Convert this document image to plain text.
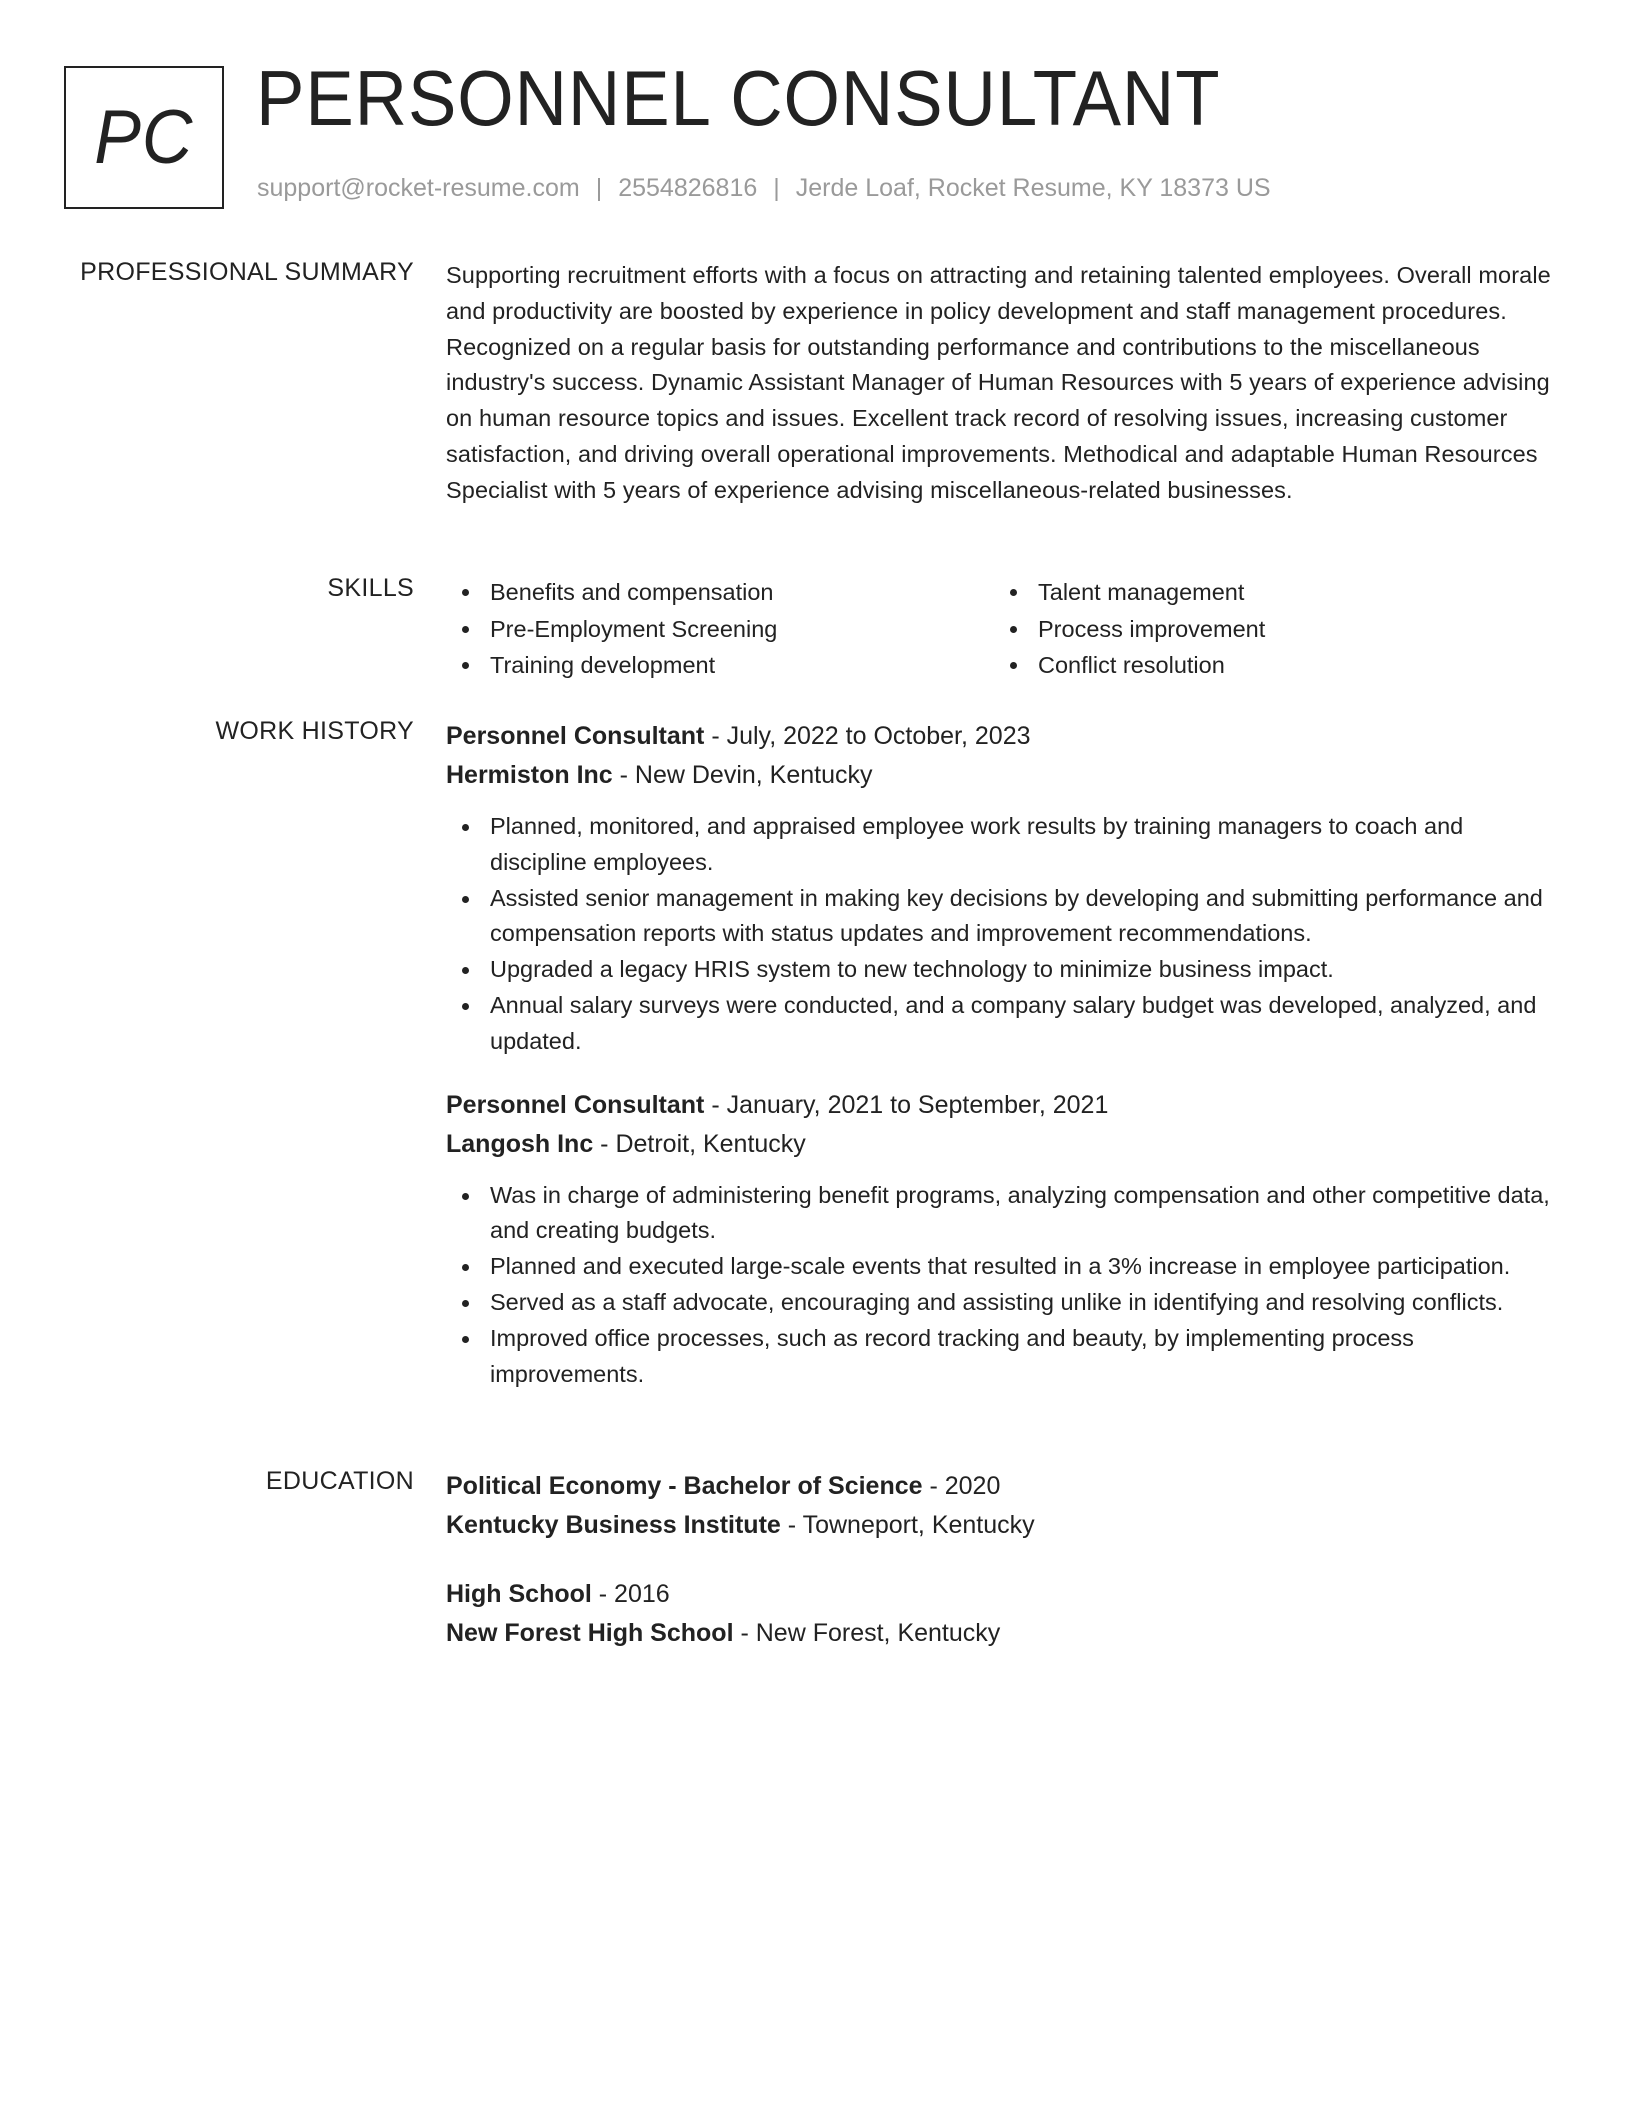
PC PERSONNEL CONSULTANT
support@rocket-resume.com | 2554826816 | Jerde Loaf, Rocket Resume, KY 18373 US
PROFESSIONAL SUMMARY Supporting recruitment efforts with a focus on attracting and retaining talented employees. Overall morale and productivity are boosted by experience in policy development and staff management procedures. Recognized on a regular basis for outstanding performance and contributions to the miscellaneous industry's success. Dynamic Assistant Manager of Human Resources with 5 years of experience advising on human resource topics and issues. Excellent track record of resolving issues, increasing customer satisfaction, and driving overall operational improvements. Methodical and adaptable Human Resources Specialist with 5 years of experience advising miscellaneous-related businesses.
SKILLS	Benefits and compensation
Pre-Employment Screening
Training development
Talent management
Process improvement
Conflict resolution
WORK HISTORY Personnel Consultant - July, 2022 to October, 2023
Hermiston Inc - New Devin, Kentucky
Planned, monitored, and appraised employee work results by training managers to coach and discipline employees.
Assisted senior management in making key decisions by developing and submitting performance and compensation reports with status updates and improvement recommendations.
Upgraded a legacy HRIS system to new technology to minimize business impact.
Annual salary surveys were conducted, and a company salary budget was developed, analyzed, and updated.
Personnel Consultant - January, 2021 to September, 2021
Langosh Inc - Detroit, Kentucky
Was in charge of administering benefit programs, analyzing compensation and other competitive data, and creating budgets.
Planned and executed large-scale events that resulted in a 3% increase in employee participation.
Served as a staff advocate, encouraging and assisting unlike in identifying and resolving conflicts.
Improved office processes, such as record tracking and beauty, by implementing process improvements.
EDUCATION Political Economy - Bachelor of Science - 2020
Kentucky Business Institute - Towneport, Kentucky
High School - 2016
New Forest High School - New Forest, Kentucky
